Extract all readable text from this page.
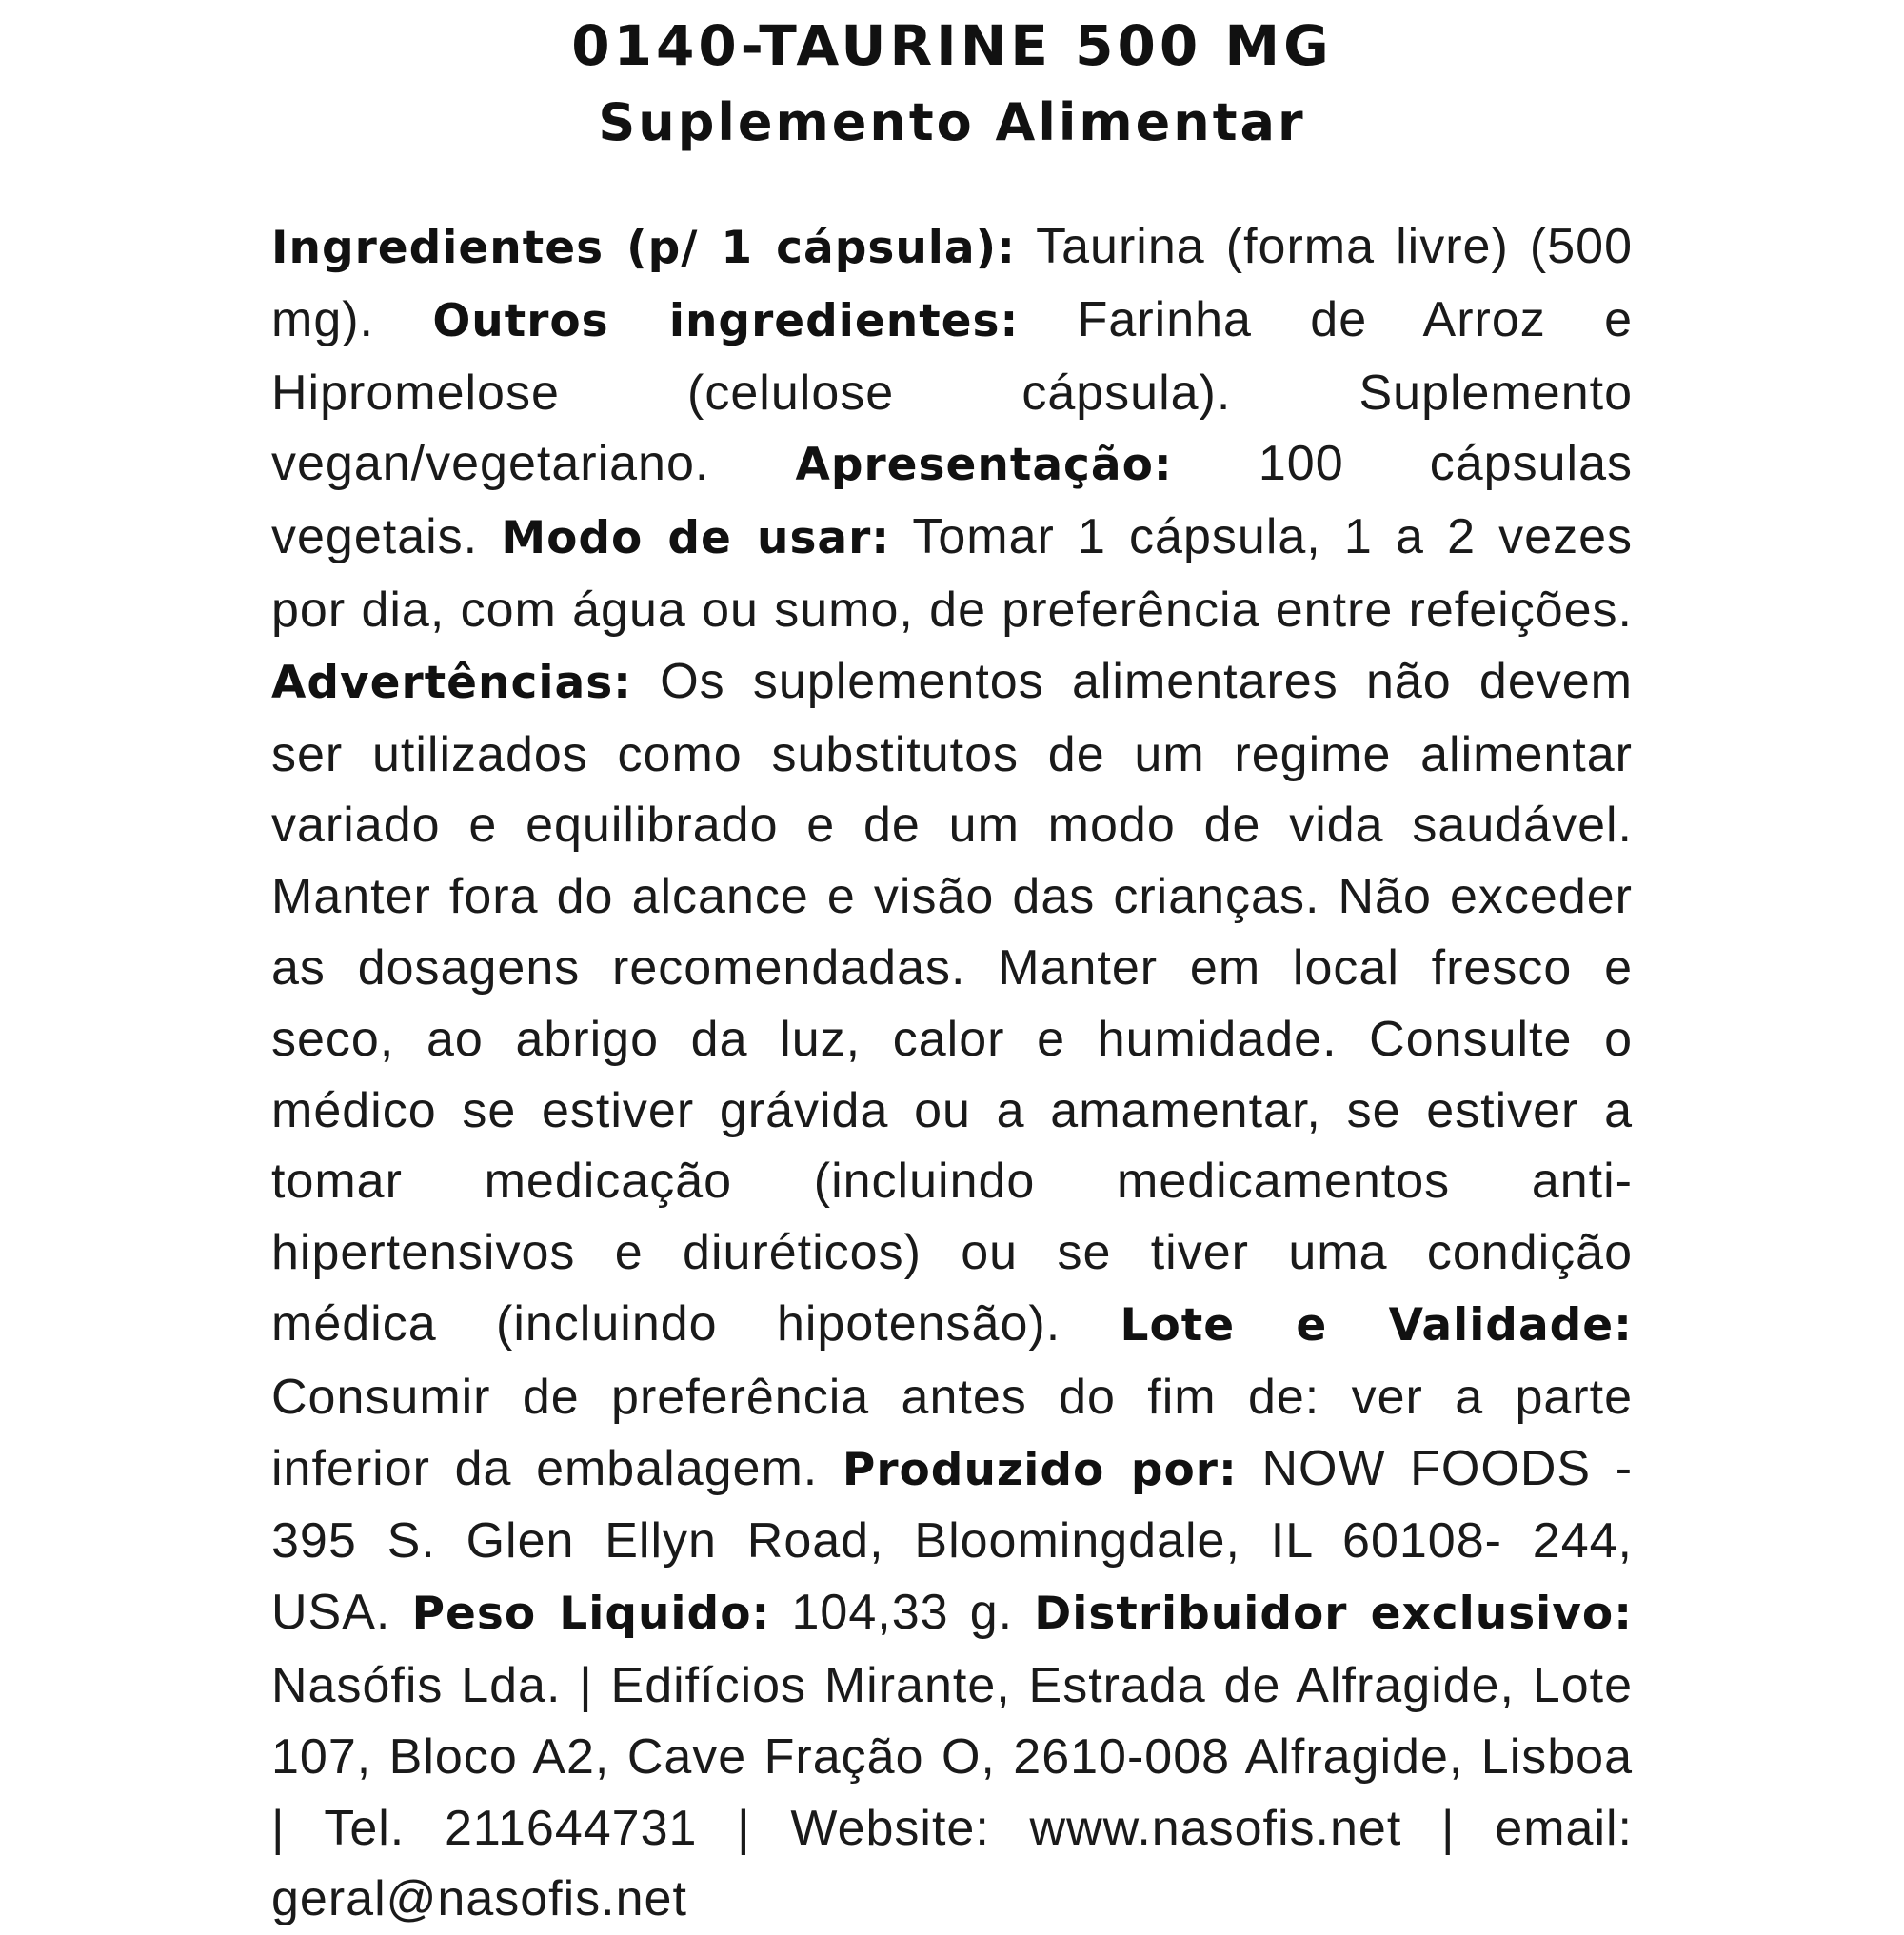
0140-TAURINE 500 MG

Suplemento Alimentar

Ingredientes (p/ 1 cápsula): Taurina (forma livre) (500 mg). Outros ingredientes: Farinha de Arroz e Hipromelose (celulose cápsula). Suplemento vegan/vegetariano. Apresentação: 100 cápsulas vegetais. Modo de usar: Tomar 1 cápsula, 1 a 2 vezes por dia, com água ou sumo, de preferência entre refeições. Advertências: Os suplementos alimentares não devem ser utilizados como substitutos de um regime alimentar variado e equilibrado e de um modo de vida saudável. Manter fora do alcance e visão das crianças. Não exceder as dosagens recomendadas. Manter em local fresco e seco, ao abrigo da luz, calor e humidade. Consulte o médico se estiver grávida ou a amamentar, se estiver a tomar medicação (incluindo medicamentos anti-hipertensivos e diuréticos) ou se tiver uma condição médica (incluindo hipotensão). Lote e Validade: Consumir de preferência antes do fim de: ver a parte inferior da embalagem. Produzido por: NOW FOODS - 395 S. Glen Ellyn Road, Bloomingdale, IL 60108- 244, USA. Peso Liquido: 104,33 g. Distribuidor exclusivo: Nasófis Lda. | Edifícios Mirante, Estrada de Alfragide, Lote 107, Bloco A2, Cave Fração O, 2610-008 Alfragide, Lisboa | Tel. 211644731 | Website: www.nasofis.net | email: geral@nasofis.net
